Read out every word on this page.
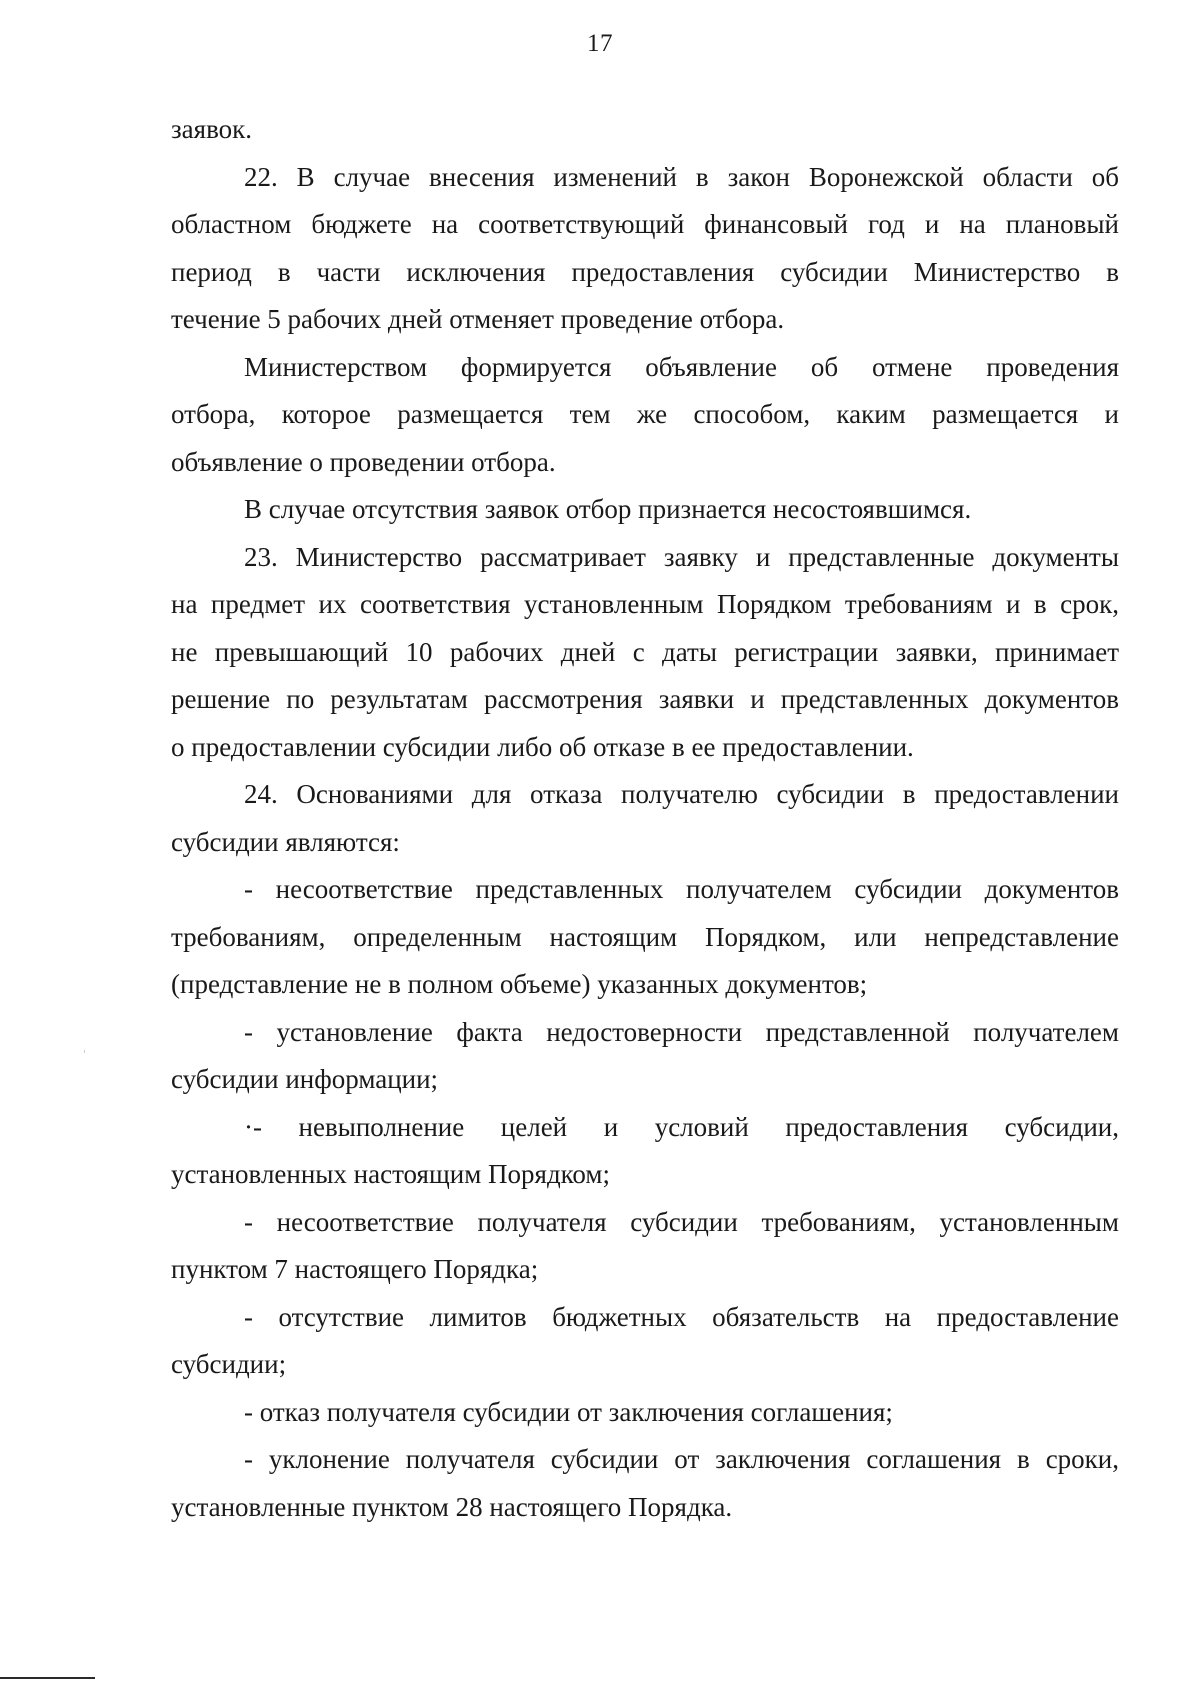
17

заявок.

22. В случае внесения изменений в закон Воронежской области об
областном бюджете на соответствующий финансовый год и на плановый
период в части исключения предоставления субсидии Министерство в
течение 5 рабочих дней отменяет проведение отбора.

Министерством формируется объявление об отмене проведения
отбора, которое размещается тем же способом, каким размещается и
объявление о проведении отбора.

В случае отсутствия заявок отбор признается несостоявшимся.

23. Министерство рассматривает заявку и представленные документы
на предмет их соответствия установленным Порядком требованиям и в срок,
не превышающий 10 рабочих дней с даты регистрации заявки, принимает
решение по результатам рассмотрения заявки и представленных документов
о предоставлении субсидии либо об отказе в ее предоставлении.

24. Основаниями для отказа получателю субсидии в предоставлении
субсидии являются:

- несоответствие представленных получателем субсидии документов
требованиям, определенным настоящим Порядком, или непредставление
(представление не в полном объеме) указанных документов;

- установление факта недостоверности представленной получателем
субсидии информации;

·- невыполнение целей и условий предоставления субсидии,
установленных настоящим Порядком;

- несоответствие получателя субсидии требованиям, установленным
пунктом 7 настоящего Порядка;

- отсутствие лимитов бюджетных обязательств на предоставление
субсидии;

- отказ получателя субсидии от заключения соглашения;

- уклонение получателя субсидии от заключения соглашения в сроки,
установленные пунктом 28 настоящего Порядка.
